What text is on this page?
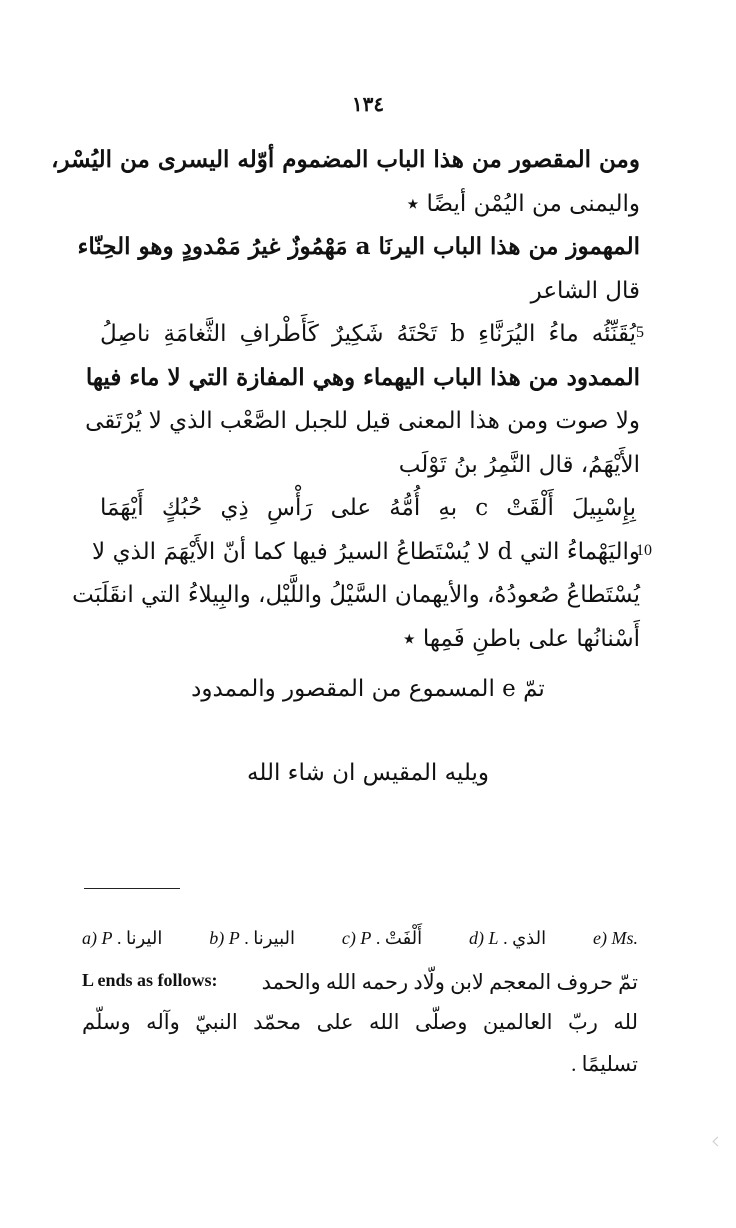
١٣٤
ومن المقصور من هذا الباب المضموم أوّله اليسرى من اليُسْر،
واليمنى من اليُمْن أيضًا ٭
المهموز من هذا الباب اليرنَا a مَهْمُوزٌ غيرُ مَمْدودٍ وهو الحِنّاء
قال الشاعر
يُقَنِّئُه ماءُ اليُرَنَّاءِ b تَحْتَهُ شَكِيرٌ كَأَطْرافِ الثَّغامَةِ ناصِلُ 5
الممدود من هذا الباب اليهماء وهي المفازة التي لا ماء فيها
ولا صوت ومن هذا المعنى قيل للجبل الصَّعْب الذي لا يُرْتَقى
الأَيْهَمُ، قال النَّمِرُ بنُ تَوْلَب
بِإِسْبِيلَ أَلْقَتْ c بهِ أُمُّهُ على رَأْسِ ذِي حُبُكٍ أَيْهَمَا
واليَهْماءُ التي d لا يُسْتَطاعُ السيرُ فيها كما أنّ الأَيْهَمَ الذي لا
10
يُسْتَطاعُ صُعودُهُ، والأيهمان السَّيْلُ واللَّيْل، والبِيلاءُ التي انقَلَبَت
أَسْنانُها على باطنِ فَمِها ٭
تمّ e المسموع من المقصور والممدود
ويليه المقيس ان شاء الله
a) P اليرنا .	b) P البيرنا .	c) P أَلْفَتْ .	d) L الذي .	e) Ms.
L ends as follows: تمّ حروف المعجم لابن ولّاد رحمه الله والحمد
لله ربّ العالمين وصلّى الله على محمّد النبيّ وآله وسلّم
تسليمًا .
